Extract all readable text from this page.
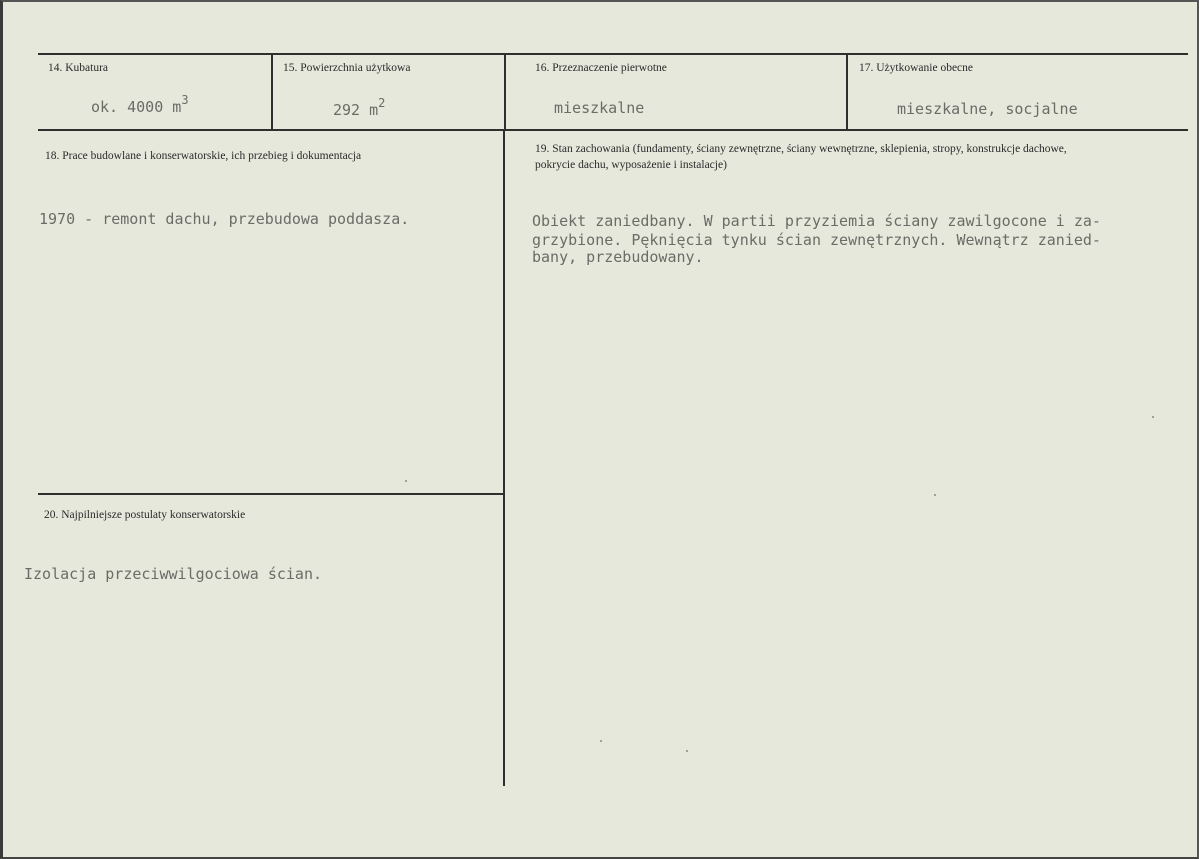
14. Kubatura
ok. 4000 $m^3$
15. Powierzchnia użytkowa
292 $m^2$
16. Przeznaczenie pierwotne
mieszkalne
17. Użytkowanie obecne
mieszkalne, socjalne
18. Prace budowlane i konserwatorskie, ich przebieg i dokumentacja
1970 - remont dachu, przebudowa poddasza.
19. Stan zachowania (fundamenty, ściany zewnętrzne, ściany wewnętrzne, sklepienia, stropy, konstrukcje dachowe, pokrycie dachu, wyposażenie i instalacje)
Obiekt zaniedbany. W partii przyziemia ściany zawilgocone i za-
grzybione. Pęknięcia tynku ścian zewnętrznych. Wewnątrz zanied-
bany, przebudowany.
20. Najpilniejsze postulaty konserwatorskie
Izolacja przeciwwilgociowa ścian.
